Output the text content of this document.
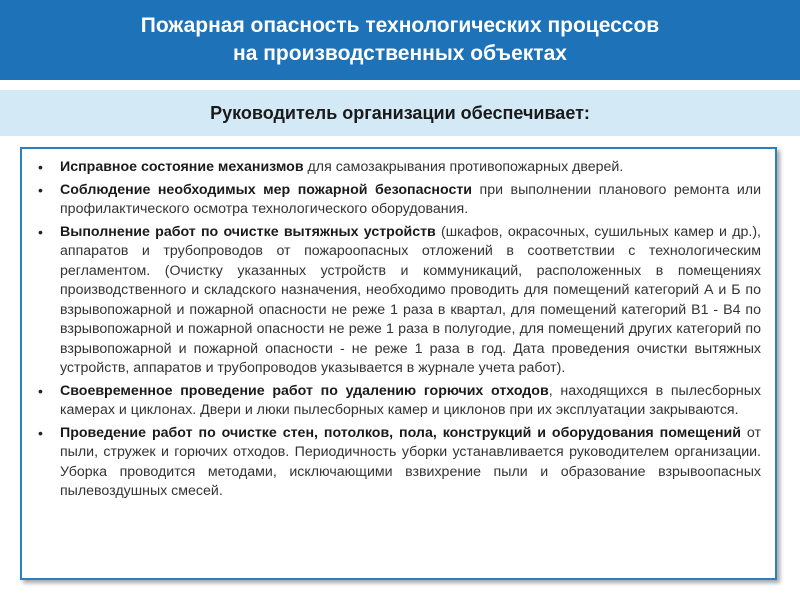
Пожарная опасность технологических процессов
на производственных объектах
Руководитель организации обеспечивает:
• Исправное состояние механизмов для самозакрывания противопожарных дверей.
• Соблюдение необходимых мер пожарной безопасности при выполнении планового ремонта или профилактического осмотра технологического оборудования.
• Выполнение работ по очистке вытяжных устройств (шкафов, окрасочных, сушильных камер и др.), аппаратов и трубопроводов от пожароопасных отложений в соответствии с технологическим регламентом. (Очистку указанных устройств и коммуникаций, расположенных в помещениях производственного и складского назначения, необходимо проводить для помещений категорий А и Б по взрывопожарной и пожарной опасности не реже 1 раза в квартал, для помещений категорий В1 - В4 по взрывопожарной и пожарной опасности не реже 1 раза в полугодие, для помещений других категорий по взрывопожарной и пожарной опасности - не реже 1 раза в год. Дата проведения очистки вытяжных устройств, аппаратов и трубопроводов указывается в журнале учета работ).
• Своевременное проведение работ по удалению горючих отходов, находящихся в пылесборных камерах и циклонах. Двери и люки пылесборных камер и циклонов при их эксплуатации закрываются.
• Проведение работ по очистке стен, потолков, пола, конструкций и оборудования помещений от пыли, стружек и горючих отходов. Периодичность уборки устанавливается руководителем организации. Уборка проводится методами, исключающими взвихрение пыли и образование взрывоопасных пылевоздушных смесей.
